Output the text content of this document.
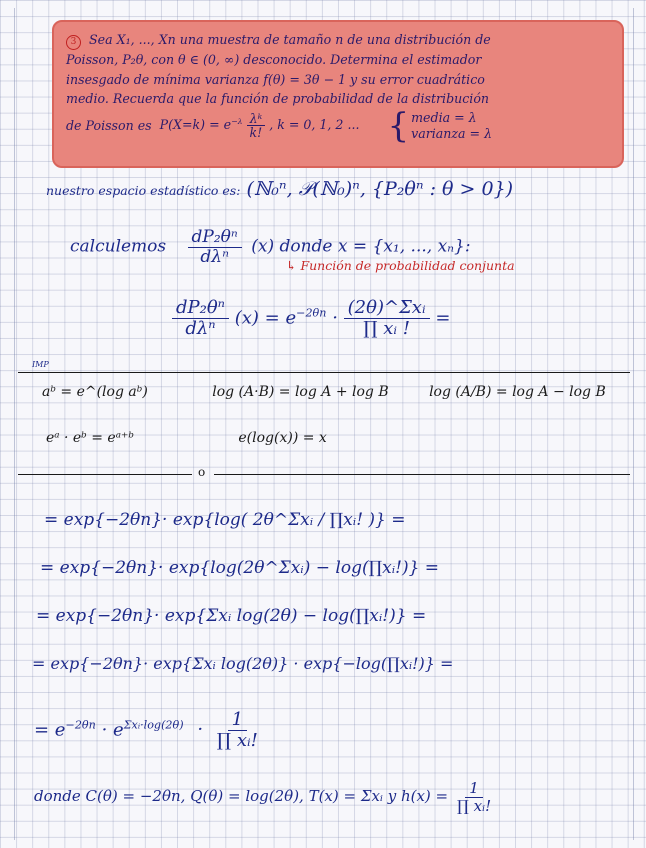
3 Sea X₁, ..., Xn una muestra de tamaño n de una distribución de
Poisson, P₂θ, con θ ∈ (0, ∞) desconocido. Determina el estimador
insesgado de mínima varianza f(θ) = 3θ − 1 y su error cuadrático
medio. Recuerda que la función de probabilidad de la distribución
de Poisson es $P(X=k) = e^{-\lambda} \frac{\text{λᵏ}}{k!}$ , k = 0, 1, 2 ... { media = λ
varianza = λ
nuestro espacio estadístico es: (ℕ₀ⁿ, 𝒫(ℕ₀)ⁿ, {P₂θⁿ : θ > 0})
calculemos $\frac{\text{dP₂θⁿ}}{\text{dλⁿ}} (x)$ donde x = {x₁, ..., xₙ}:
↳ Función de probabilidad conjunta
$\frac{\text{dP₂θⁿ}}{\text{dλⁿ}} (x) = e^{-2\theta n} \cdot \frac{\text{(2θ)\textasciicircum{}Σxᵢ}}{\text{∏ xᵢ !}}$ =
IMP
aᵇ = e^(log aᵇ)	log (A·B) = log A + log B	log (A/B) = log A − log B
eᵃ · eᵇ = eᵃ⁺ᵇ	e(log(x)) = x
o
= exp{−2θn}· exp{log( 2θ^Σxᵢ / ∏xᵢ! )} =
= exp{−2θn}· exp{log(2θ^Σxᵢ) − log(∏xᵢ!)} =
= exp{−2θn}· exp{Σxᵢ log(2θ) − log(∏xᵢ!)} =
= exp{−2θn}· exp{Σxᵢ log(2θ)} · exp{−log(∏xᵢ!)} =
= $e^{-2\theta n} \cdot e^{\Sigma xᵢ\cdot log(2\theta)} \cdot \frac{1}{\text{∏ xᵢ!}}$
donde C(θ) = −2θn, Q(θ) = log(2θ), T(x) = Σxᵢ y $h(x) = \frac{1}{\text{∏ xᵢ!}}$
